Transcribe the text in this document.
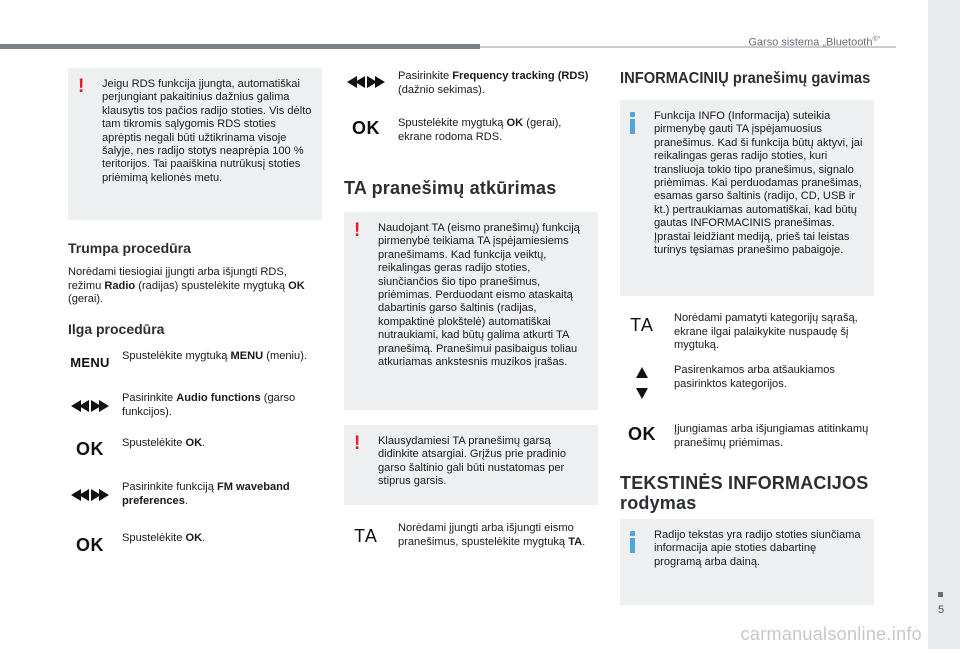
Garso sistema „Bluetooth®“
5
carmanualsonline.info
!	Jeigu RDS funkcija įjungta, automatiškai perjungiant pakaitinius dažnius galima klausytis tos pačios radijo stoties. Vis dėlto tam tikromis sąlygomis RDS stoties aprėptis negali būti užtikrinama visoje šalyje, nes radijo stotys neaprėpia 100 % teritorijos. Tai paaiškina nutrūkusį stoties priėmimą kelionės metu.

Trumpa procedūra
Norėdami tiesiogiai įjungti arba išjungti RDS, režimu Radio (radijas) spustelėkite mygtuką OK (gerai).
Ilga procedūra
MENU Spustelėkite mygtuką MENU (meniu).
Pasirinkite Audio functions (garso funkcijos).
OK	Spustelėkite OK.
Pasirinkite funkciją FM waveband preferences.
OK	Spustelėkite OK.
Pasirinkite Frequency tracking (RDS) (dažnio sekimas).
OK	Spustelėkite mygtuką OK (gerai), ekrane rodoma RDS.
TA pranešimų atkūrimas
!	Naudojant TA (eismo pranešimų) funkciją pirmenybė teikiama TA įspėjamiesiems pranešimams. Kad funkcija veiktų, reikalingas geras radijo stoties, siunčiančios šio tipo pranešimus, priėmimas. Perduodant eismo ataskaitą dabartinis garso šaltinis (radijas, kompaktinė plokštelė) automatiškai nutraukiami, kad būtų galima atkurti TA pranešimą. Pranešimui pasibaigus toliau atkuriamas ankstesnis muzikos įrašas.

!	Klausydamiesi TA pranešimų garsą didinkite atsargiai. Grįžus prie pradinio garso šaltinio gali būti nustatomas per stiprus garsis.

TA	Norėdami įjungti arba išjungti eismo pranešimus, spustelėkite mygtuką TA.
INFORMACINIŲ pranešimų gavimas

Funkcija INFO (Informacija) suteikia pirmenybę gauti TA įspėjamuosius pranešimus. Kad ši funkcija būtų aktyvi, jai reikalingas geras radijo stoties, kuri transliuoja tokio tipo pranešimus, signalo priėmimas. Kai perduodamas pranešimas, esamas garso šaltinis (radijo, CD, USB ir kt.) pertraukiamas automatiškai, kad būtų gautas INFORMACINIS pranešimas. Įprastai leidžiant mediją, prieš tai leistas turinys tęsiamas pranešimo pabaigoje.

TA	Norėdami pamatyti kategorijų sąrašą, ekrane ilgai palaikykite nuspaudę šį mygtuką.
Pasirenkamos arba atšaukiamos pasirinktos kategorijos.
OK	Įjungiamas arba išjungiamas atitinkamų pranešimų priėmimas.
TEKSTINĖS INFORMACIJOS
rodymas

Radijo tekstas yra radijo stoties siunčiama informacija apie stoties dabartinę programą arba dainą.
